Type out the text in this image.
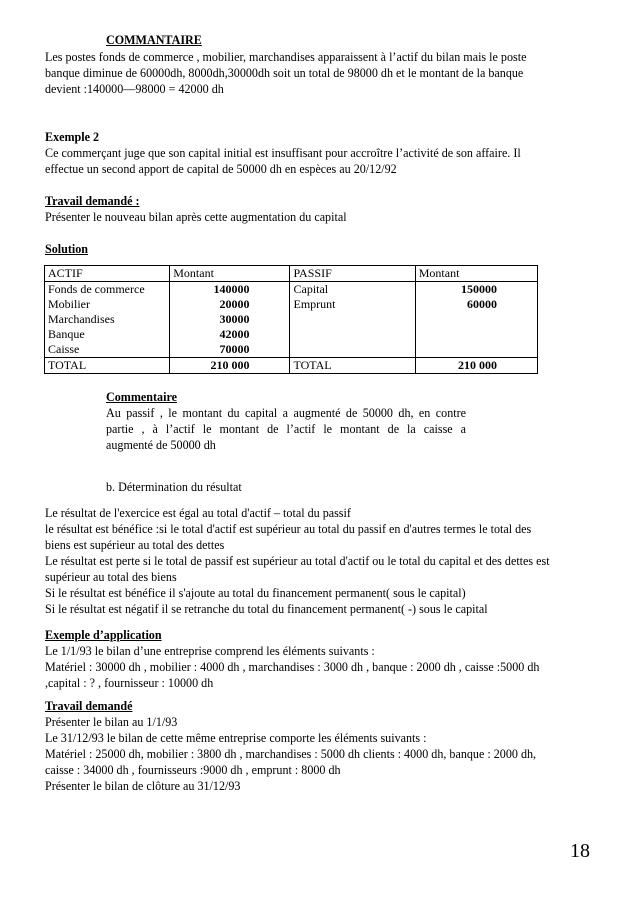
COMMANTAIRE
Les postes fonds de commerce , mobilier, marchandises apparaissent à l’actif du bilan mais le poste
banque diminue de 60000dh, 8000dh,30000dh soit un total de 98000 dh et le montant de la banque
devient :140000—98000 = 42000 dh
Exemple 2
Ce commerçant juge que son capital initial est insuffisant pour accroître l’activité de son affaire. Il
effectue un second apport de capital de 50000 dh en espèces au 20/12/92
Travail demandé :
Présenter le nouveau bilan après cette augmentation du capital
Solution
ACTIF	Montant	PASSIF	Montant
Fonds de commerce	140000	Capital	150000
Mobilier	20000	Emprunt	60000
Marchandises	30000		
Banque	42000		
Caisse	70000		
TOTAL	210 000	TOTAL	210 000
Commentaire
Au passif , le montant du capital a augmenté de 50000 dh, en contre
partie , à l’actif le montant de l’actif le montant de la caisse a
augmenté de 50000 dh
b. Détermination du résultat
Le résultat de l'exercice est égal au total d'actif – total du passif
le résultat est bénéfice :si le total d'actif est supérieur au total du passif en d'autres termes le total des
biens est supérieur au total des dettes
Le résultat est perte si le total de passif est supérieur au total d'actif ou le total du capital et des dettes est
supérieur au total des biens
Si le résultat est bénéfice il s'ajoute au total du financement permanent( sous le capital)
Si le résultat est négatif il se retranche du total du financement permanent( -) sous le capital
Exemple d’application
Le 1/1/93 le bilan d’une entreprise comprend les éléments suivants :
Matériel : 30000 dh , mobilier : 4000 dh , marchandises : 3000 dh , banque : 2000 dh , caisse :5000 dh
,capital : ? , fournisseur : 10000 dh
Travail demandé
Présenter le bilan au 1/1/93
Le 31/12/93 le bilan de cette même entreprise comporte les éléments suivants :
Matériel : 25000 dh, mobilier : 3800 dh , marchandises : 5000 dh clients : 4000 dh, banque : 2000 dh,
caisse : 34000 dh , fournisseurs :9000 dh , emprunt : 8000 dh
Présenter le bilan de clôture au 31/12/93
18
